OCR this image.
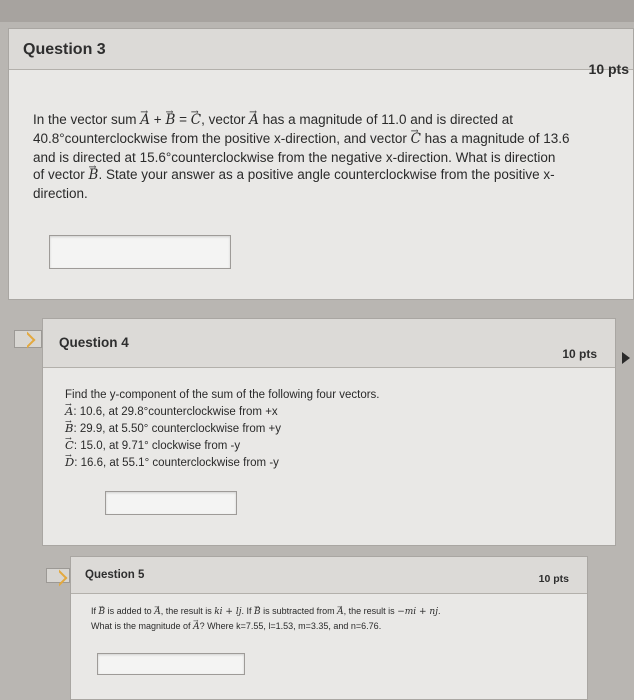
Question 3
10 pts
In the vector sum → A + → B = → C, vector → A has a magnitude of 11.0 and is directed at
40.8°counterclockwise from the positive x-direction, and vector → C has a magnitude of 13.6
and is directed at 15.6°counterclockwise from the negative x-direction. What is direction
of vector → B. State your answer as a positive angle counterclockwise from the positive x-
direction.
Question 4
10 pts
Find the y-component of the sum of the following four vectors.
→ A: 10.6, at 29.8°counterclockwise from +x
→ B: 29.9, at 5.50° counterclockwise from +y
→ C: 15.0, at 9.71° clockwise from -y
→ D: 16.6, at 55.1° counterclockwise from -y
Question 5	10 pts
If → B is added to → A, the result is ki + lj. If → B is subtracted from → A, the result is −mi + nj.
What is the magnitude of → A? Where k=7.55, l=1.53, m=3.35, and n=6.76.
